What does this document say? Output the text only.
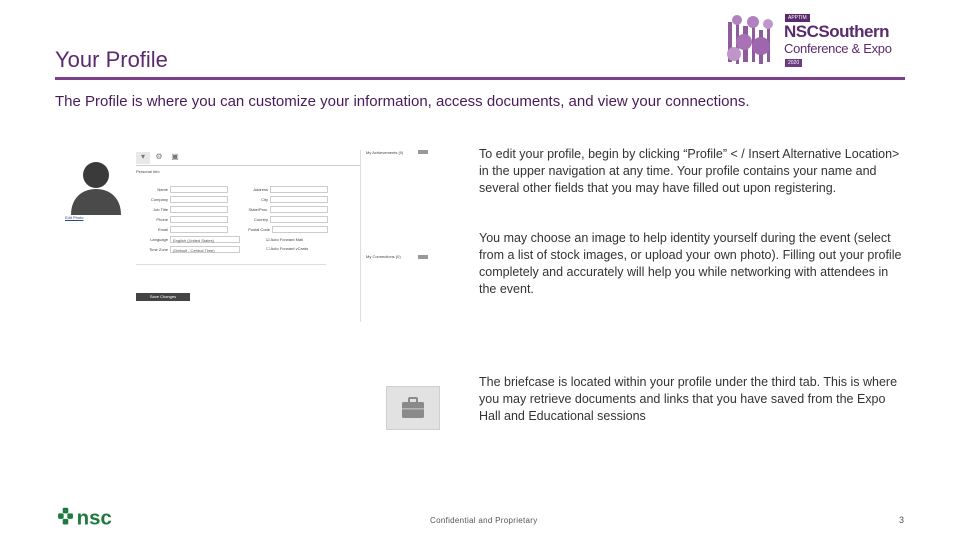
Your Profile
The Profile is where you can customize your information, access documents, and view your connections.
APPTIM
NSCSouthern
Conference & Expo
2020
Edit Photo
▾	⚙	▣
Personal Info
Name
Company
Job Title
Phone
Email
Language	English (United States)
Time Zone	(Default - Central Time)
Address
City
State/Prov.
Country
Postal Code
☑ Auto Forward Mail
☐ Auto Forward vCards
Save Changes
My Achievements (0)
My Connections (0)
To edit your profile, begin by clicking “Profile” < / Insert Alternative Location> in the upper navigation at any time. Your profile contains your name and several other fields that you may have filled out upon registering.
You may choose an image to help identity yourself during the event (select from a list of stock images, or upload your own photo). Filling out your profile completely and accurately will help you while networking with attendees in the event.
The briefcase is located within your profile under the third tab. This is where you may retrieve documents and links that you have saved from the Expo Hall and Educational sessions
nsc	Confidential and Proprietary	3
